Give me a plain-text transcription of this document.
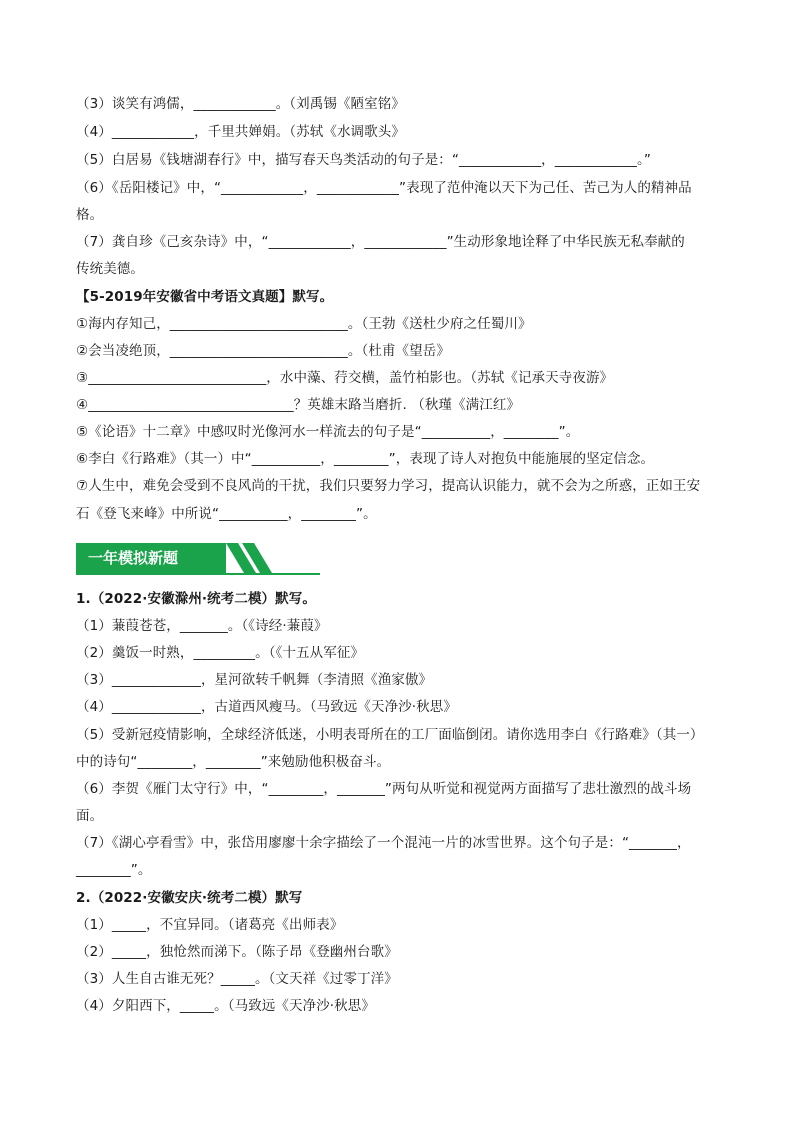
（3）谈笑有鸿儒，____________。（刘禹锡《陋室铭》
（4）____________，千里共婵娟。（苏轼《水调歌头》
（5）白居易《钱塘湖春行》中，描写春天鸟类活动的句子是：“____________，____________。”
（6）《岳阳楼记》中，“____________，____________”表现了范仲淹以天下为己任、苦己为人的精神品
格。
（7）龚自珍《己亥杂诗》中，“____________，____________”生动形象地诠释了中华民族无私奉献的
传统美德。
【5-2019年安徽省中考语文真题】默写。
①海内存知己，__________________________。（王勃《送杜少府之任蜀川》
②会当凌绝顶，__________________________。（杜甫《望岳》
③__________________________，水中藻、荇交横，盖竹柏影也。（苏轼《记承天寺夜游》
④______________________________？英雄末路当磨折. （秋瑾《满江红》
⑤《论语》十二章》中感叹时光像河水一样流去的句子是“__________，________”。
⑥李白《行路难》（其一）中“__________，________”，表现了诗人对抱负中能施展的坚定信念。
⑦人生中，难免会受到不良风尚的干扰，我们只要努力学习，提高认识能力，就不会为之所惑，正如王安
石《登飞来峰》中所说“__________，________”。
一年模拟新题
1.（2022·安徽滁州·统考二模）默写。
（1）蒹葭苍苍，_______。（《诗经·蒹葭》
（2）羹饭一时熟，_________。（《十五从军征》
（3）_____________，星河欲转千帆舞（李清照《渔家傲》
（4）_____________，古道西风瘦马。（马致远《天净沙·秋思》
（5）受新冠疫情影响，全球经济低迷，小明表哥所在的工厂面临倒闭。请你选用李白《行路难》（其一）
中的诗句“________，________”来勉励他积极奋斗。
（6）李贺《雁门太守行》中，“________，_______”两句从听觉和视觉两方面描写了悲壮激烈的战斗场
面。
（7）《湖心亭看雪》中，张岱用廖廖十余字描绘了一个混沌一片的冰雪世界。这个句子是：“_______，
________”。
2.（2022·安徽安庆·统考二模）默写
（1）_____，不宜异同。（诸葛亮《出师表》
（2）_____，独怆然而涕下。（陈子昂《登幽州台歌》
（3）人生自古谁无死？_____。（文天祥《过零丁洋》
（4）夕阳西下，_____。（马致远《天净沙·秋思》
